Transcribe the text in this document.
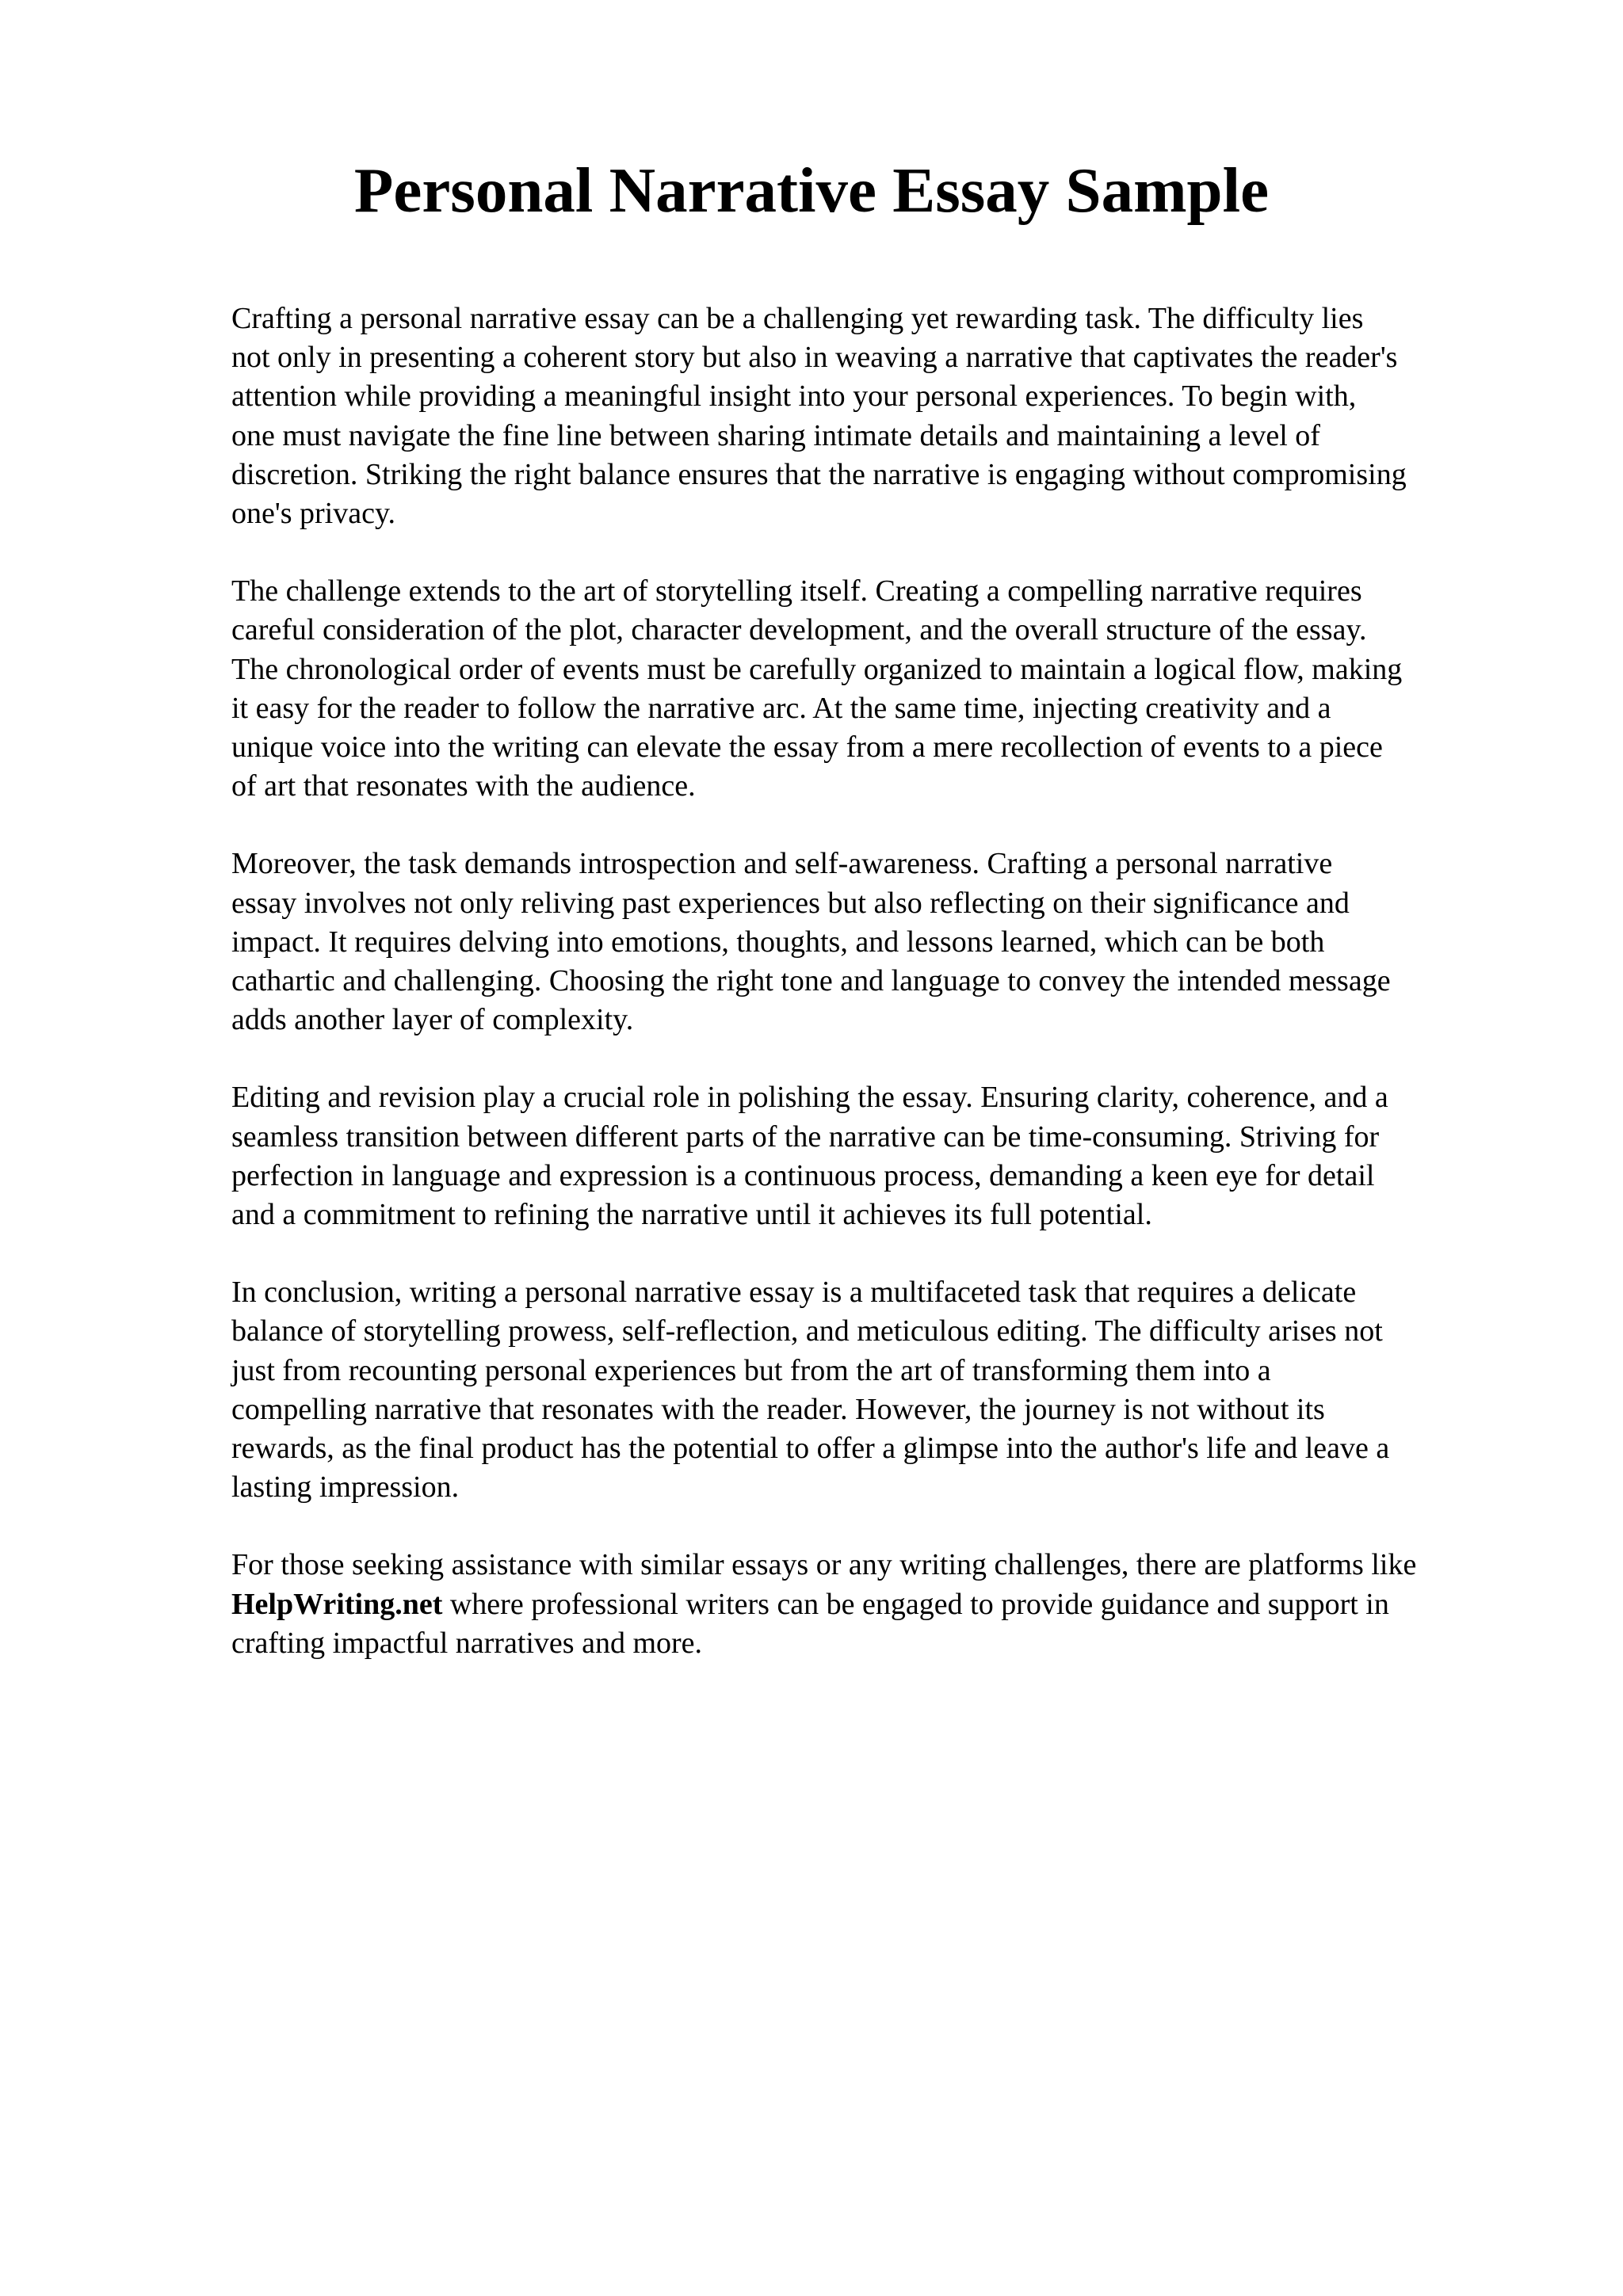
Personal Narrative Essay Sample

Crafting a personal narrative essay can be a challenging yet rewarding task. The difficulty lies
not only in presenting a coherent story but also in weaving a narrative that captivates the reader's
attention while providing a meaningful insight into your personal experiences. To begin with,
one must navigate the fine line between sharing intimate details and maintaining a level of
discretion. Striking the right balance ensures that the narrative is engaging without compromising
one's privacy.

The challenge extends to the art of storytelling itself. Creating a compelling narrative requires
careful consideration of the plot, character development, and the overall structure of the essay.
The chronological order of events must be carefully organized to maintain a logical flow, making
it easy for the reader to follow the narrative arc. At the same time, injecting creativity and a
unique voice into the writing can elevate the essay from a mere recollection of events to a piece
of art that resonates with the audience.

Moreover, the task demands introspection and self-awareness. Crafting a personal narrative
essay involves not only reliving past experiences but also reflecting on their significance and
impact. It requires delving into emotions, thoughts, and lessons learned, which can be both
cathartic and challenging. Choosing the right tone and language to convey the intended message
adds another layer of complexity.

Editing and revision play a crucial role in polishing the essay. Ensuring clarity, coherence, and a
seamless transition between different parts of the narrative can be time-consuming. Striving for
perfection in language and expression is a continuous process, demanding a keen eye for detail
and a commitment to refining the narrative until it achieves its full potential.

In conclusion, writing a personal narrative essay is a multifaceted task that requires a delicate
balance of storytelling prowess, self-reflection, and meticulous editing. The difficulty arises not
just from recounting personal experiences but from the art of transforming them into a
compelling narrative that resonates with the reader. However, the journey is not without its
rewards, as the final product has the potential to offer a glimpse into the author's life and leave a
lasting impression.

For those seeking assistance with similar essays or any writing challenges, there are platforms like
HelpWriting.net where professional writers can be engaged to provide guidance and support in
crafting impactful narratives and more.
